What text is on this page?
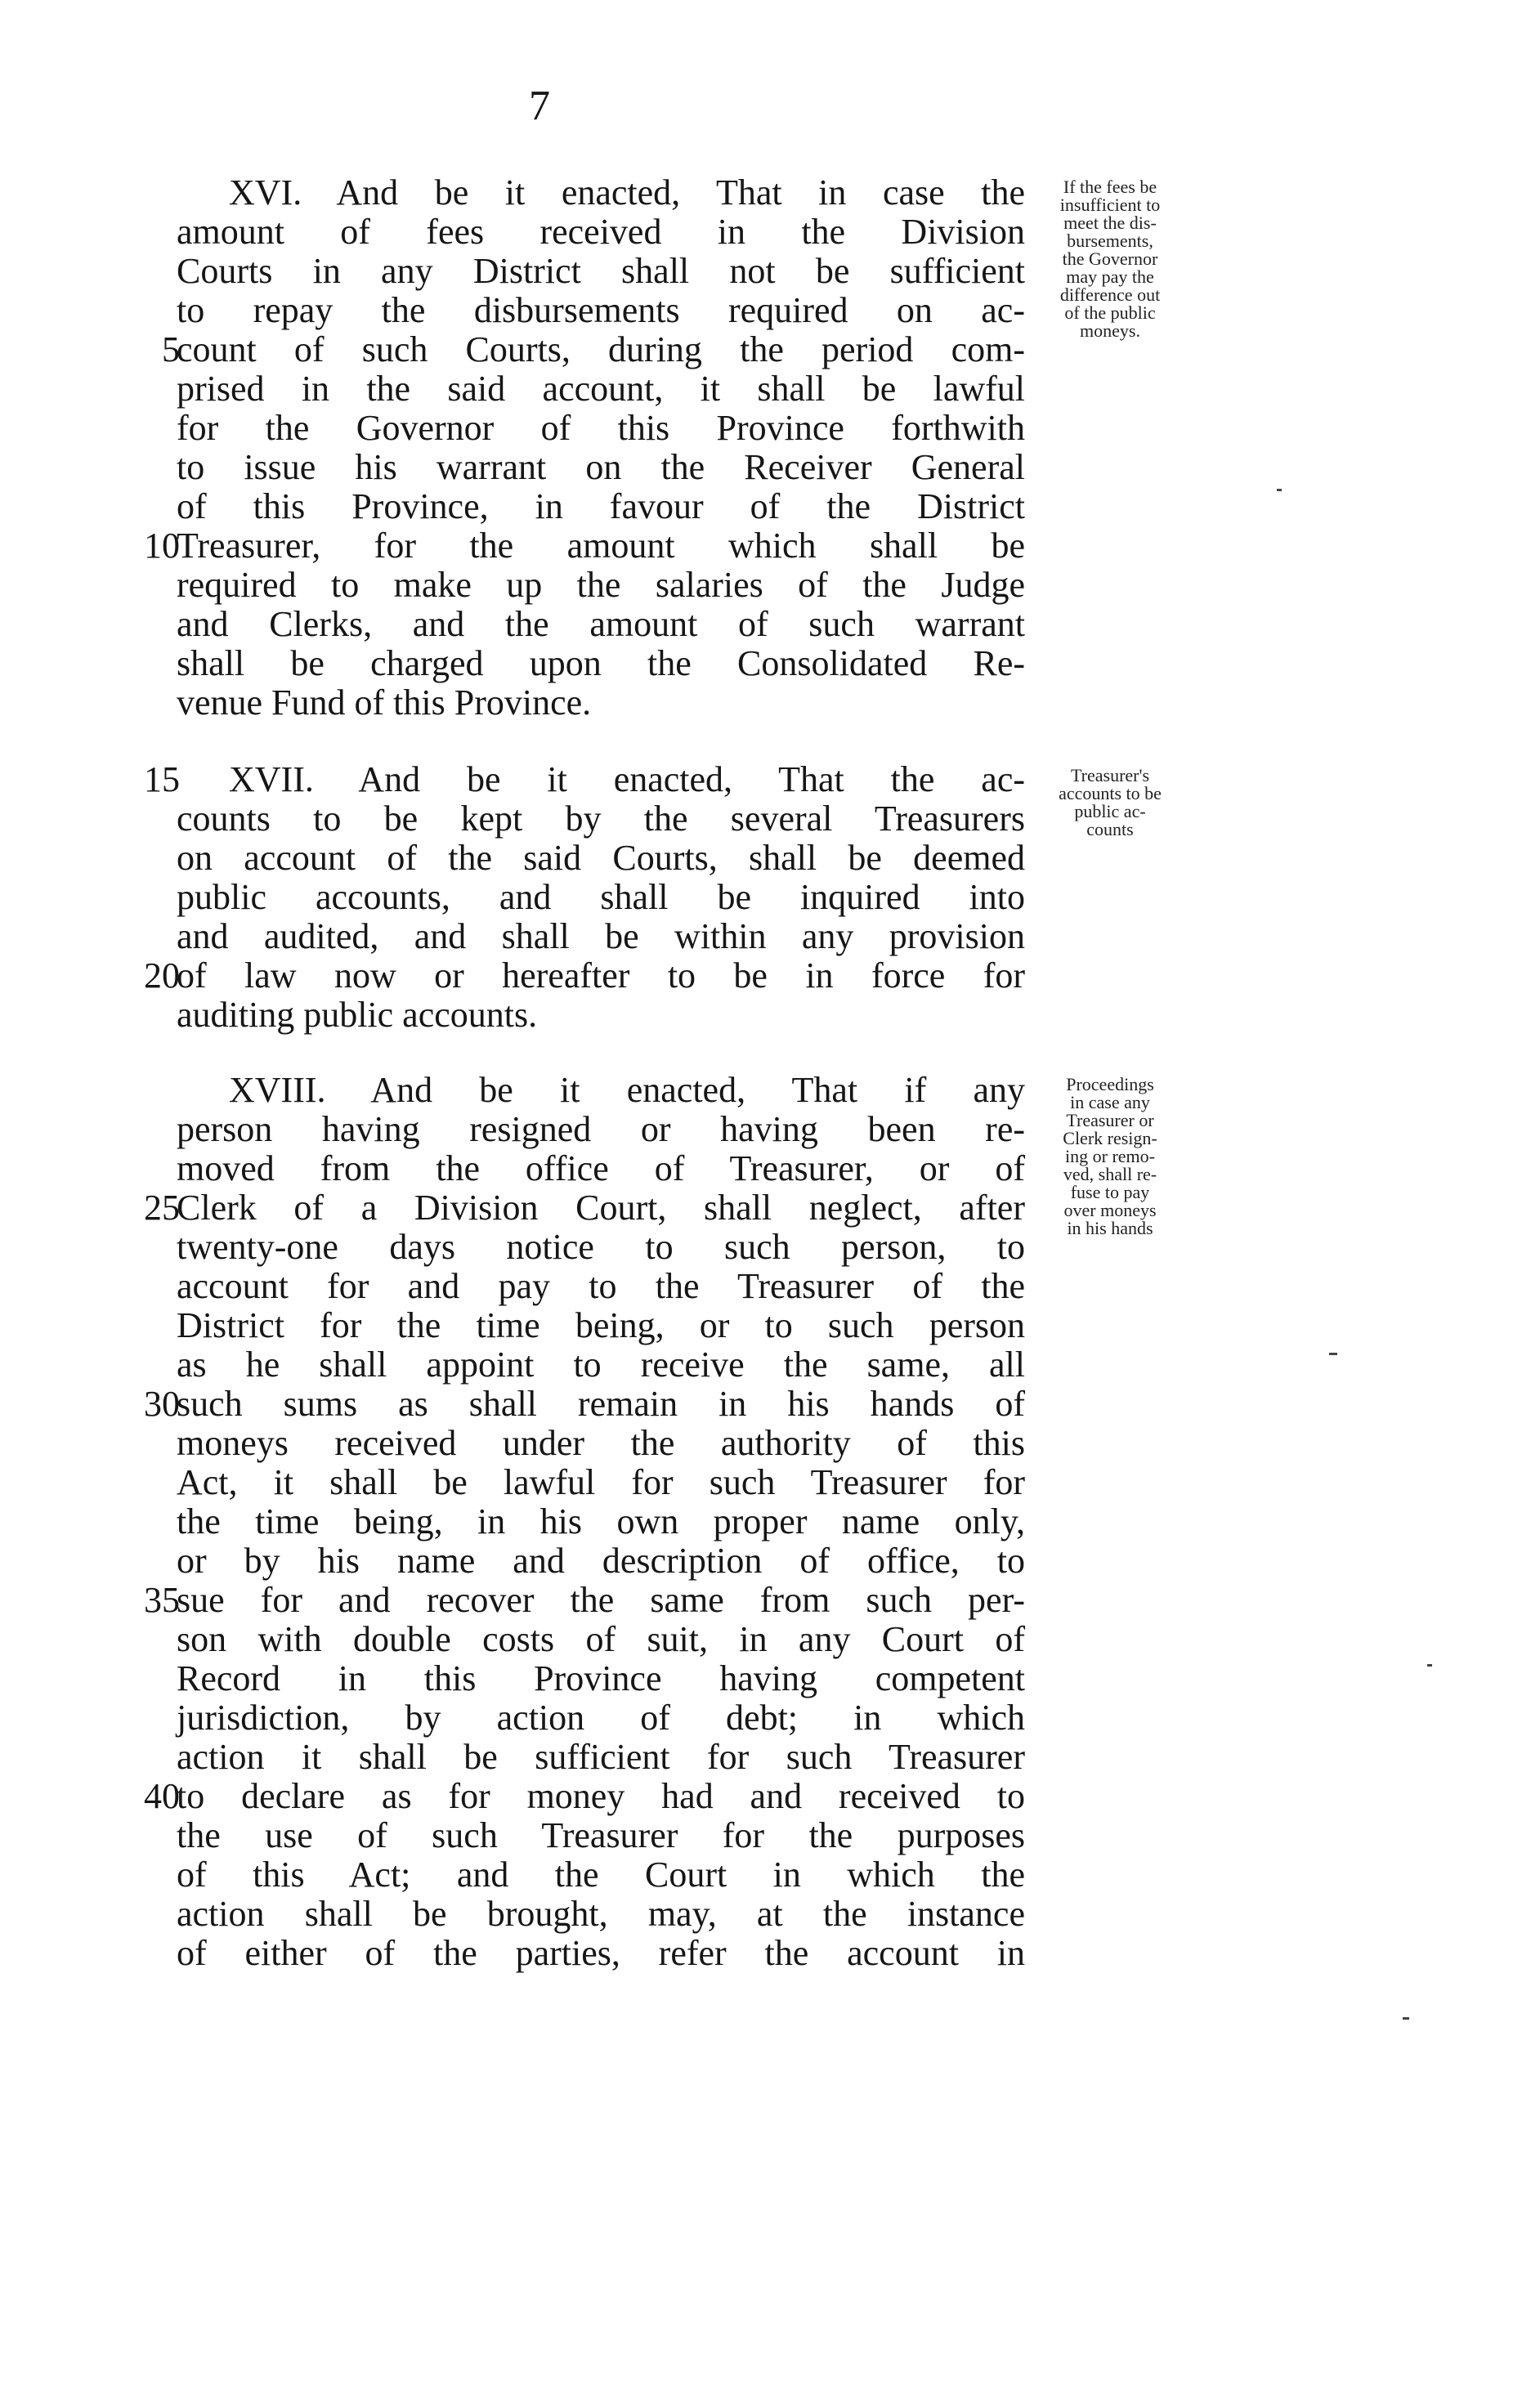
7
XVI. And be it enacted, That in case the
amount of fees received in the Division
Courts in any District shall not be sufficient
to repay the disbursements required on ac-
5
count of such Courts, during the period com-
prised in the said account, it shall be lawful
for the Governor of this Province forthwith
to issue his warrant on the Receiver General
of this Province, in favour of the District
10
Treasurer, for the amount which shall be
required to make up the salaries of the Judge
and Clerks, and the amount of such warrant
shall be charged upon the Consolidated Re-
venue Fund of this Province.
If the fees be
insufficient to
meet the dis-
bursements,
the Governor
may pay the
difference out
of the public
moneys.
15	XVII. And be it enacted, That the ac-
counts to be kept by the several Treasurers
on account of the said Courts, shall be deemed
public accounts, and shall be inquired into
and audited, and shall be within any provision
20
of law now or hereafter to be in force for
auditing public accounts.
Treasurer's
accounts to be
public ac-
counts
XVIII. And be it enacted, That if any
person having resigned or having been re-
moved from the office of Treasurer, or of
25
Clerk of a Division Court, shall neglect, after
twenty-one days notice to such person, to
account for and pay to the Treasurer of the
District for the time being, or to such person
as he shall appoint to receive the same, all
30
such sums as shall remain in his hands of
moneys received under the authority of this
Act, it shall be lawful for such Treasurer for
the time being, in his own proper name only,
or by his name and description of office, to
35
sue for and recover the same from such per-
son with double costs of suit, in any Court of
Record in this Province having competent
jurisdiction, by action of debt; in which
action it shall be sufficient for such Treasurer
40
to declare as for money had and received to
the use of such Treasurer for the purposes
of this Act; and the Court in which the
action shall be brought, may, at the instance
of either of the parties, refer the account in
Proceedings
in case any
Treasurer or
Clerk resign-
ing or remo-
ved, shall re-
fuse to pay
over moneys
in his hands
